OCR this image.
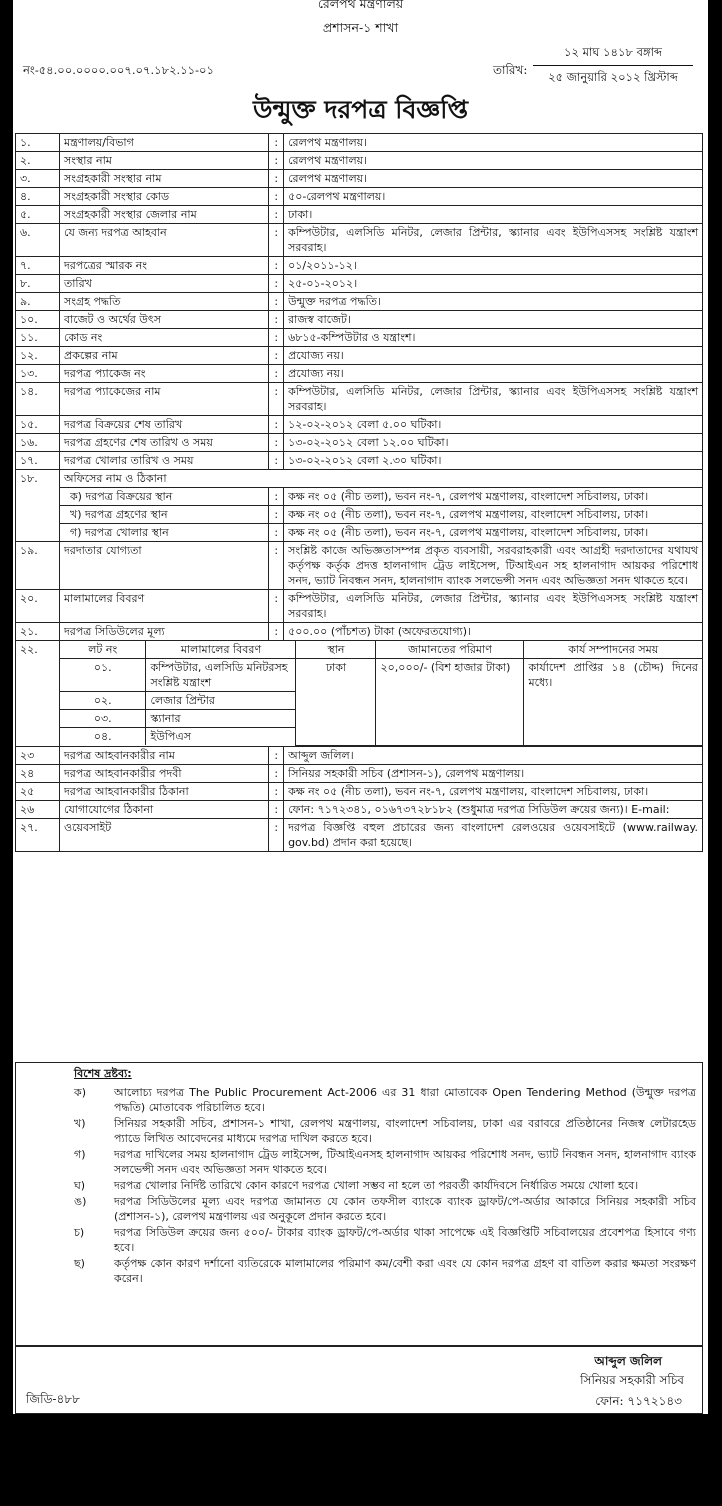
রেলপথ মন্ত্রণালয়
প্রশাসন-১ শাখা
নং-৫৪.০০.০০০০.০০৭.০৭.১৮২.১১-০১	তারিখ:
১২ মাঘ ১৪১৮ বঙ্গাব্দ
২৫ জানুয়ারি ২০১২ খ্রিস্টাব্দ
উন্মুক্ত দরপত্র বিজ্ঞপ্তি
১.	মন্ত্রণালয়/বিভাগ	:	রেলপথ মন্ত্রণালয়।
২.	সংস্থার নাম	:	রেলপথ মন্ত্রণালয়।
৩.	সংগ্রহকারী সংস্থার নাম	:	রেলপথ মন্ত্রণালয়।
৪.	সংগ্রহকারী সংস্থার কোড	:	৫০-রেলপথ মন্ত্রণালয়।
৫.	সংগ্রহকারী সংস্থার জেলার নাম	:	ঢাকা।
৬.	যে জন্য দরপত্র আহবান	:	কম্পিউটার, এলসিডি মনিটর, লেজার প্রিন্টার, স্ক্যানার এবং ইউপিএসসহ সংশ্লিষ্ট যন্ত্রাংশ সরবরাহ।
৭.	দরপত্রের স্মারক নং	:	০১/২০১১-১২।
৮.	তারিখ	:	২৫-০১-২০১২।
৯.	সংগ্রহ পদ্ধতি	:	উন্মুক্ত দরপত্র পদ্ধতি।
১০.	বাজেট ও অর্থের উৎস	:	রাজস্ব বাজেট।
১১.	কোড নং	:	৬৮১৫-কম্পিউটার ও যন্ত্রাংশ।
১২.	প্রকল্পের নাম	:	প্রযোজ্য নয়।
১৩.	দরপত্র প্যাকেজ নং	:	প্রযোজ্য নয়।
১৪.	দরপত্র প্যাকেজের নাম	:	কম্পিউটার, এলসিডি মনিটর, লেজার প্রিন্টার, স্ক্যানার এবং ইউপিএসসহ সংশ্লিষ্ট যন্ত্রাংশ সরবরাহ।
১৫.	দরপত্র বিক্রয়ের শেষ তারিখ	:	১২-০২-২০১২ বেলা ৫.০০ ঘটিকা।
১৬.	দরপত্র গ্রহণের শেষ তারিখ ও সময়	:	১৩-০২-২০১২ বেলা ১২.০০ ঘটিকা।
১৭.	দরপত্র খোলার তারিখ ও সময়	:	১৩-০২-২০১২ বেলা ২.৩০ ঘটিকা।
১৮.	অফিসের নাম ও ঠিকানা
ক) দরপত্র বিক্রয়ের স্থান	:	কক্ষ নং ০৫ (নীচ তলা), ভবন নং-৭, রেলপথ মন্ত্রণালয়, বাংলাদেশ সচিবালয়, ঢাকা।
খ) দরপত্র গ্রহণের স্থান	:	কক্ষ নং ০৫ (নীচ তলা), ভবন নং-৭, রেলপথ মন্ত্রণালয়, বাংলাদেশ সচিবালয়, ঢাকা।
গ) দরপত্র খোলার স্থান	:	কক্ষ নং ০৫ (নীচ তলা), ভবন নং-৭, রেলপথ মন্ত্রণালয়, বাংলাদেশ সচিবালয়, ঢাকা।
১৯.	দরদাতার যোগ্যতা	:	সংশ্লিষ্ট কাজে অভিজ্ঞতাসম্পন্ন প্রকৃত ব্যবসায়ী, সরবরাহকারী এবং আগ্রহী দরদাতাদের যথাযথ কর্তৃপক্ষ কর্তৃক প্রদত্ত হালনাগাদ ট্রেড লাইসেন্স, টিআইএন সহ হালনাগাদ আয়কর পরিশোধ সনদ, ভ্যাট নিবন্ধন সনদ, হালনাগাদ ব্যাংক সলভেন্সী সনদ এবং অভিজ্ঞতা সনদ থাকতে হবে।
২০.	মালামালের বিবরণ	:	কম্পিউটার, এলসিডি মনিটর, লেজার প্রিন্টার, স্ক্যানার এবং ইউপিএসসহ সংশ্লিষ্ট যন্ত্রাংশ সরবরাহ।
২১.	দরপত্র সিডিউলের মূল্য	:	৫০০.০০ (পাঁচশত) টাকা (অফেরতযোগ্য)।
২২.		লট নং	মালামালের বিবরণ	স্থান	জামানতের পরিমাণ	কার্য সম্পাদনের সময়
০১.	কম্পিউটার, এলসিডি মনিটরসহ সংশ্লিষ্ট যন্ত্রাংশ	ঢাকা	২০,০০০/- (বিশ হাজার টাকা)	কার্যাদেশ প্রাপ্তির ১৪ (চৌদ্দ) দিনের মধ্যে।
০২.	লেজার প্রিন্টার
০৩.	স্ক্যানার
০৪.	ইউপিএস

২৩	দরপত্র আহবানকারীর নাম	:	আব্দুল জলিল।
২৪	দরপত্র আহবানকারীর পদবী	:	সিনিয়র সহকারী সচিব (প্রশাসন-১), রেলপথ মন্ত্রণালয়।
২৫	দরপত্র আহবানকারীর ঠিকানা	:	কক্ষ নং ০৫ (নীচ তলা), ভবন নং-৭, রেলপথ মন্ত্রণালয়, বাংলাদেশ সচিবালয়, ঢাকা।
২৬	যোগাযোগের ঠিকানা	:	ফোন: ৭১৭২৩৪১, ০১৬৭৩৭২৮১৮২ (শুধুমাত্র দরপত্র সিডিউল ক্রয়ের জন্য)। E-mail:
২৭.	ওয়েবসাইট	:	দরপত্র বিজ্ঞপ্তি বহুল প্রচারের জন্য বাংলাদেশ রেলওয়ের ওয়েবসাইটে (www.railway. gov.bd) প্রদান করা হয়েছে।
বিশেষ দ্রষ্টব্য:
ক)	আলোচ্য দরপত্র The Public Procurement Act-2006 এর 31 ধারা মোতাবেক Open Tendering Method (উন্মুক্ত দরপত্র পদ্ধতি) মোতাবেক পরিচালিত হবে।
খ)	সিনিয়র সহকারী সচিব, প্রশাসন-১ শাখা, রেলপথ মন্ত্রণালয়, বাংলাদেশ সচিবালয়, ঢাকা এর বরাবরে প্রতিষ্ঠানের নিজস্ব লেটারহেড প্যাডে লিখিত আবেদনের মাধ্যমে দরপত্র দাখিল করতে হবে।
গ)	দরপত্র দাখিলের সময় হালনাগাদ ট্রেড লাইসেন্স, টিআইএনসহ হালনাগাদ আয়কর পরিশোধ সনদ, ভ্যাট নিবন্ধন সনদ, হালনাগাদ ব্যাংক সলভেন্সী সনদ এবং অভিজ্ঞতা সনদ থাকতে হবে।
ঘ)	দরপত্র খোলার নির্দিষ্ট তারিখে কোন কারণে দরপত্র খোলা সম্ভব না হলে তা পরবর্তী কার্যদিবসে নির্ধারিত সময়ে খোলা হবে।
ঙ)	দরপত্র সিডিউলের মূল্য এবং দরপত্র জামানত যে কোন তফসীল ব্যাংকে ব্যাংক ড্রাফট/পে-অর্ডার আকারে সিনিয়র সহকারী সচিব (প্রশাসন-১), রেলপথ মন্ত্রণালয় এর অনুকূলে প্রদান করতে হবে।
চ)	দরপত্র সিডিউল ক্রয়ের জন্য ৫০০/- টাকার ব্যাংক ড্রাফট/পে-অর্ডার থাকা সাপেক্ষে এই বিজ্ঞপ্তিটি সচিবালয়ের প্রবেশপত্র হিসাবে গণ্য হবে।
ছ)	কর্তৃপক্ষ কোন কারণ দর্শানো ব্যতিরেকে মালামালের পরিমাণ কম/বেশী করা এবং যে কোন দরপত্র গ্রহণ বা বাতিল করার ক্ষমতা সংরক্ষণ করেন।
জিডি-৪৮৮
আব্দুল জলিল
সিনিয়র সহকারী সচিব
ফোন: ৭১৭২১৪৩
